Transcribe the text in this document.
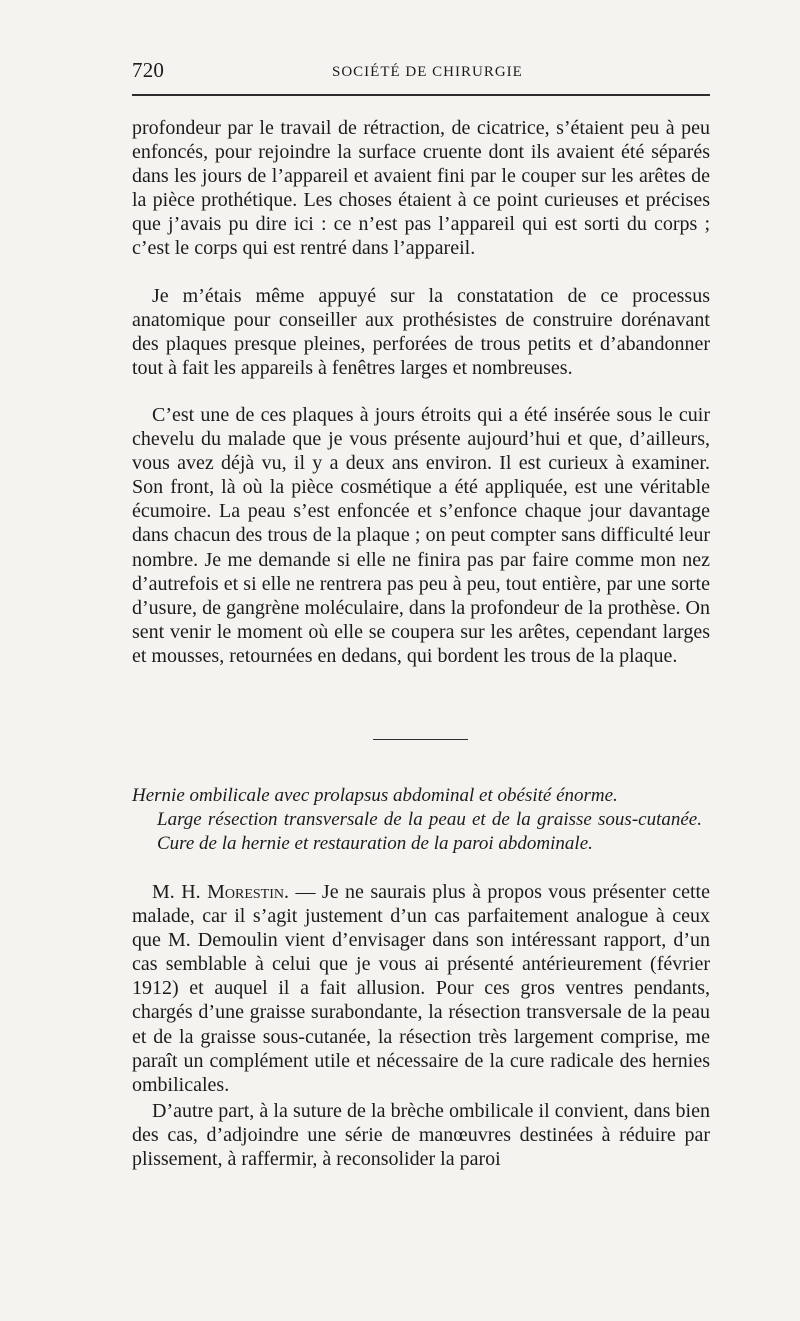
720	SOCIÉTÉ DE CHIRURGIE

profondeur par le travail de rétraction, de cicatrice, s’étaient peu à peu enfoncés, pour rejoindre la surface cruente dont ils avaient été séparés dans les jours de l’appareil et avaient fini par le couper sur les arêtes de la pièce prothétique. Les choses étaient à ce point curieuses et précises que j’avais pu dire ici : ce n’est pas l’appareil qui est sorti du corps ; c’est le corps qui est rentré dans l’appareil.

Je m’étais même appuyé sur la constatation de ce processus anatomique pour conseiller aux prothésistes de construire dorénavant des plaques presque pleines, perforées de trous petits et d’abandonner tout à fait les appareils à fenêtres larges et nombreuses.

C’est une de ces plaques à jours étroits qui a été insérée sous le cuir chevelu du malade que je vous présente aujourd’hui et que, d’ailleurs, vous avez déjà vu, il y a deux ans environ. Il est curieux à examiner. Son front, là où la pièce cosmétique a été appliquée, est une véritable écumoire. La peau s’est enfoncée et s’enfonce chaque jour davantage dans chacun des trous de la plaque ; on peut compter sans difficulté leur nombre. Je me demande si elle ne finira pas par faire comme mon nez d’autrefois et si elle ne rentrera pas peu à peu, tout entière, par une sorte d’usure, de gangrène moléculaire, dans la profondeur de la prothèse. On sent venir le moment où elle se coupera sur les arêtes, cependant larges et mousses, retournées en dedans, qui bordent les trous de la plaque.

Hernie ombilicale avec prolapsus abdominal et obésité énorme.
Large résection transversale de la peau et de la graisse sous-cutanée. Cure de la hernie et restauration de la paroi abdominale.

M. H. Morestin. — Je ne saurais plus à propos vous présenter cette malade, car il s’agit justement d’un cas parfaitement analogue à ceux que M. Demoulin vient d’envisager dans son intéressant rapport, d’un cas semblable à celui que je vous ai présenté antérieurement (février 1912) et auquel il a fait allusion. Pour ces gros ventres pendants, chargés d’une graisse surabondante, la résection transversale de la peau et de la graisse sous-cutanée, la résection très largement comprise, me paraît un complément utile et nécessaire de la cure radicale des hernies ombilicales.

D’autre part, à la suture de la brèche ombilicale il convient, dans bien des cas, d’adjoindre une série de manœuvres destinées à réduire par plissement, à raffermir, à reconsolider la paroi
